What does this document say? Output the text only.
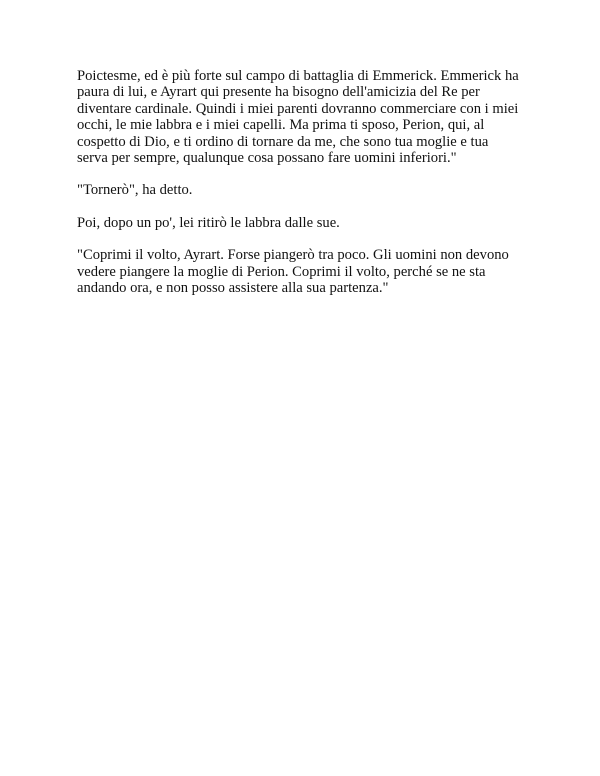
Poictesme, ed è più forte sul campo di battaglia di Emmerick. Emmerick ha
paura di lui, e Ayrart qui presente ha bisogno dell'amicizia del Re per
diventare cardinale. Quindi i miei parenti dovranno commerciare con i miei
occhi, le mie labbra e i miei capelli. Ma prima ti sposo, Perion, qui, al
cospetto di Dio, e ti ordino di tornare da me, che sono tua moglie e tua
serva per sempre, qualunque cosa possano fare uomini inferiori."

"Tornerò", ha detto.

Poi, dopo un po', lei ritirò le labbra dalle sue.

"Coprimi il volto, Ayrart. Forse piangerò tra poco. Gli uomini non devono
vedere piangere la moglie di Perion. Coprimi il volto, perché se ne sta
andando ora, e non posso assistere alla sua partenza."
